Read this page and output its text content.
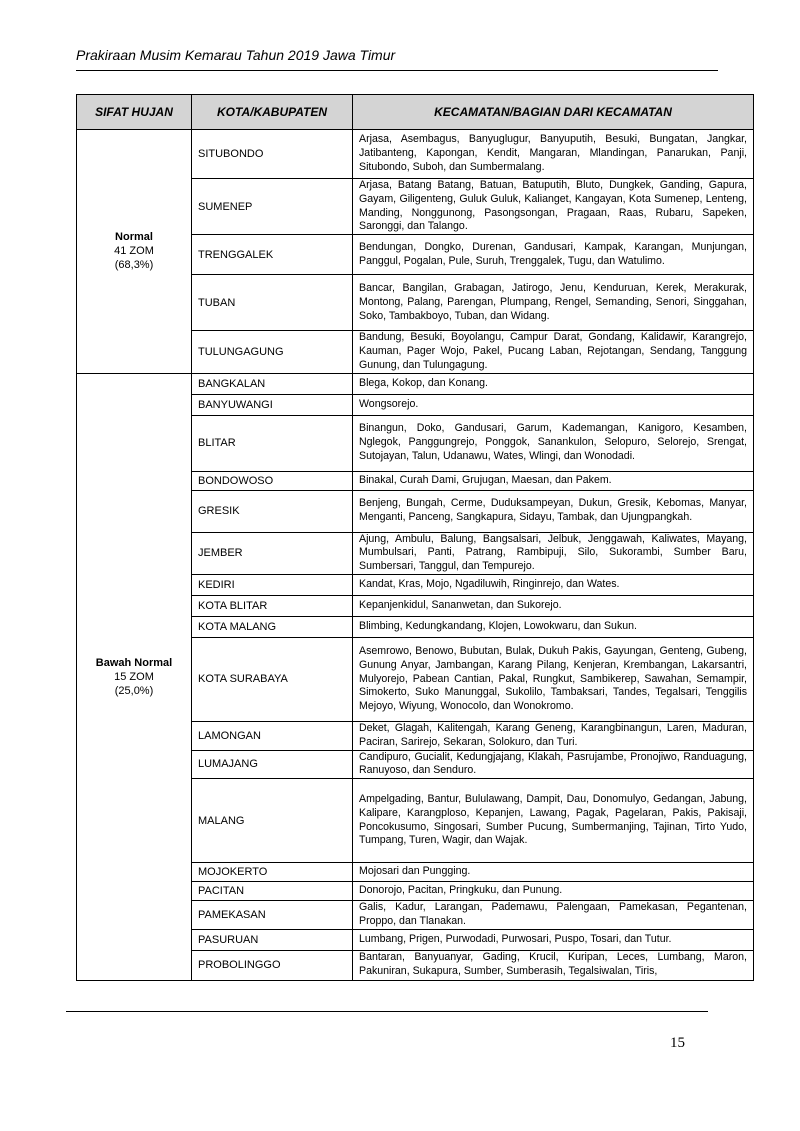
Prakiraan Musim Kemarau Tahun 2019 Jawa Timur
SIFAT HUJAN	KOTA/KABUPATEN	KECAMATAN/BAGIAN DARI KECAMATAN

Normal
41 ZOM
(68,3%)	SITUBONDO	Arjasa, Asembagus, Banyuglugur, Banyuputih, Besuki, Bungatan, Jangkar, Jatibanteng, Kapongan, Kendit, Mangaran, Mlandingan, Panarukan, Panji, Situbondo, Suboh, dan Sumbermalang.
	SUMENEP	Arjasa, Batang Batang, Batuan, Batuputih, Bluto, Dungkek, Ganding, Gapura, Gayam, Giligenteng, Guluk Guluk, Kalianget, Kangayan, Kota Sumenep, Lenteng, Manding, Nonggunong, Pasongsongan, Pragaan, Raas, Rubaru, Sapeken, Saronggi, dan Talango.
	TRENGGALEK	Bendungan, Dongko, Durenan, Gandusari, Kampak, Karangan, Munjungan, Panggul, Pogalan, Pule, Suruh, Trenggalek, Tugu, dan Watulimo.
	TUBAN	Bancar, Bangilan, Grabagan, Jatirogo, Jenu, Kenduruan, Kerek, Merakurak, Montong, Palang, Parengan, Plumpang, Rengel, Semanding, Senori, Singgahan, Soko, Tambakboyo, Tuban, dan Widang.
	TULUNGAGUNG	Bandung, Besuki, Boyolangu, Campur Darat, Gondang, Kalidawir, Karangrejo, Kauman, Pager Wojo, Pakel, Pucang Laban, Rejotangan, Sendang, Tanggung Gunung, dan Tulungagung.

Bawah Normal
15 ZOM
(25,0%)	BANGKALAN	Blega, Kokop, dan Konang.
	BANYUWANGI	Wongsorejo.
	BLITAR	Binangun, Doko, Gandusari, Garum, Kademangan, Kanigoro, Kesamben, Nglegok, Panggungrejo, Ponggok, Sanankulon, Selopuro, Selorejo, Srengat, Sutojayan, Talun, Udanawu, Wates, Wlingi, dan Wonodadi.
	BONDOWOSO	Binakal, Curah Dami, Grujugan, Maesan, dan Pakem.
	GRESIK	Benjeng, Bungah, Cerme, Duduksampeyan, Dukun, Gresik, Kebomas, Manyar, Menganti, Panceng, Sangkapura, Sidayu, Tambak, dan Ujungpangkah.
	JEMBER	Ajung, Ambulu, Balung, Bangsalsari, Jelbuk, Jenggawah, Kaliwates, Mayang, Mumbulsari, Panti, Patrang, Rambipuji, Silo, Sukorambi, Sumber Baru, Sumbersari, Tanggul, dan Tempurejo.
	KEDIRI	Kandat, Kras, Mojo, Ngadiluwih, Ringinrejo, dan Wates.
	KOTA BLITAR	Kepanjenkidul, Sananwetan, dan Sukorejo.
	KOTA MALANG	Blimbing, Kedungkandang, Klojen, Lowokwaru, dan Sukun.
	KOTA SURABAYA	Asemrowo, Benowo, Bubutan, Bulak, Dukuh Pakis, Gayungan, Genteng, Gubeng, Gunung Anyar, Jambangan, Karang Pilang, Kenjeran, Krembangan, Lakarsantri, Mulyorejo, Pabean Cantian, Pakal, Rungkut, Sambikerep, Sawahan, Semampir, Simokerto, Suko Manunggal, Sukolilo, Tambaksari, Tandes, Tegalsari, Tenggilis Mejoyo, Wiyung, Wonocolo, dan Wonokromo.
	LAMONGAN	Deket, Glagah, Kalitengah, Karang Geneng, Karangbinangun, Laren, Maduran, Paciran, Sarirejo, Sekaran, Solokuro, dan Turi.
	LUMAJANG	Candipuro, Gucialit, Kedungjajang, Klakah, Pasrujambe, Pronojiwo, Randuagung, Ranuyoso, dan Senduro.
	MALANG	Ampelgading, Bantur, Bululawang, Dampit, Dau, Donomulyo, Gedangan, Jabung, Kalipare, Karangploso, Kepanjen, Lawang, Pagak, Pagelaran, Pakis, Pakisaji, Poncokusumo, Singosari, Sumber Pucung, Sumbermanjing, Tajinan, Tirto Yudo, Tumpang, Turen, Wagir, dan Wajak.
	MOJOKERTO	Mojosari dan Pungging.
	PACITAN	Donorojo, Pacitan, Pringkuku, dan Punung.
	PAMEKASAN	Galis, Kadur, Larangan, Pademawu, Palengaan, Pamekasan, Pegantenan, Proppo, dan Tlanakan.
	PASURUAN	Lumbang, Prigen, Purwodadi, Purwosari, Puspo, Tosari, dan Tutur.
	PROBOLINGGO	Bantaran, Banyuanyar, Gading, Krucil, Kuripan, Leces, Lumbang, Maron, Pakuniran, Sukapura, Sumber, Sumberasih, Tegalsiwalan, Tiris,
15
